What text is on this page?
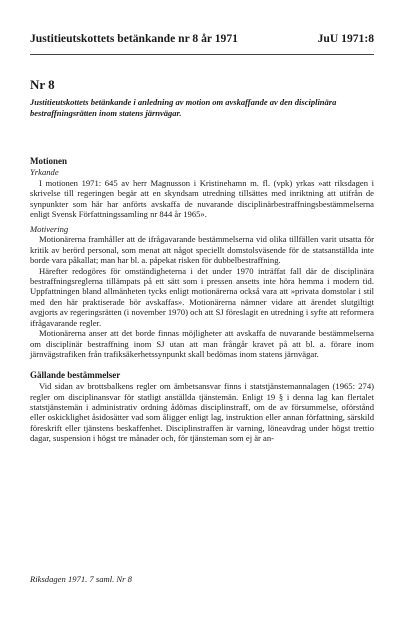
Justitieutskottets betänkande nr 8 år 1971	JuU 1971:8
Nr 8
Justitieutskottets betänkande i anledning av motion om avskaffande av den disciplinära bestraffningsrätten inom statens järnvägar.
Motionen

Yrkande

I motionen 1971: 645 av herr Magnusson i Kristinehamn m. fl. (vpk) yrkas »att riksdagen i skrivelse till regeringen begär att en skyndsam utredning tillsättes med inriktning att utifrån de synpunkter som här har anförts avskaffa de nuvarande disciplinärbestraffningsbestämmelserna enligt Svensk Författningssamling nr 844 år 1965».

Motivering

Motionärerna framhåller att de ifrågavarande bestämmelserna vid olika tillfällen varit utsatta för kritik av berörd personal, som menat att något speciellt domstolsväsende för de statsanställda inte borde vara påkallat; man har bl. a. påpekat risken för dubbelbestraffning.

Härefter redogöres för omständigheterna i det under 1970 inträffat fall där de disciplinära bestraffningsreglerna tillämpats på ett sätt som i pressen ansetts inte höra hemma i modern tid. Uppfattningen bland allmänheten tycks enligt motionärerna också vara att »privata domstolar i stil med den här praktiserade bör avskaffas». Motionärerna nämner vidare att ärendet slutgiltigt avgjorts av regeringsrätten (i november 1970) och att SJ föreslagit en utredning i syfte att reformera ifrågavarande regler.

Motionärerna anser att det borde finnas möjligheter att avskaffa de nuvarande bestämmelserna om disciplinär bestraffning inom SJ utan att man frångår kravet på att bl. a. förare inom järnvägstrafiken från trafiksäkerhetssynpunkt skall bedömas inom statens järnvägar.

Gällande bestämmelser

Vid sidan av brottsbalkens regler om ämbetsansvar finns i statstjänstemannalagen (1965: 274) regler om disciplinansvar för statligt anställda tjänstemän. Enligt 19 § i denna lag kan flertalet statstjänstemän i administrativ ordning ådömas disciplinstraff, om de av försummelse, oförstånd eller oskicklighet åsidosätter vad som åligger enligt lag, instruktion eller annan författning, särskild föreskrift eller tjänstens beskaffenhet. Disciplinstraffen är varning, löneavdrag under högst trettio dagar, suspension i högst tre månader och, för tjänsteman som ej är an-

Riksdagen 1971. 7 saml. Nr 8
